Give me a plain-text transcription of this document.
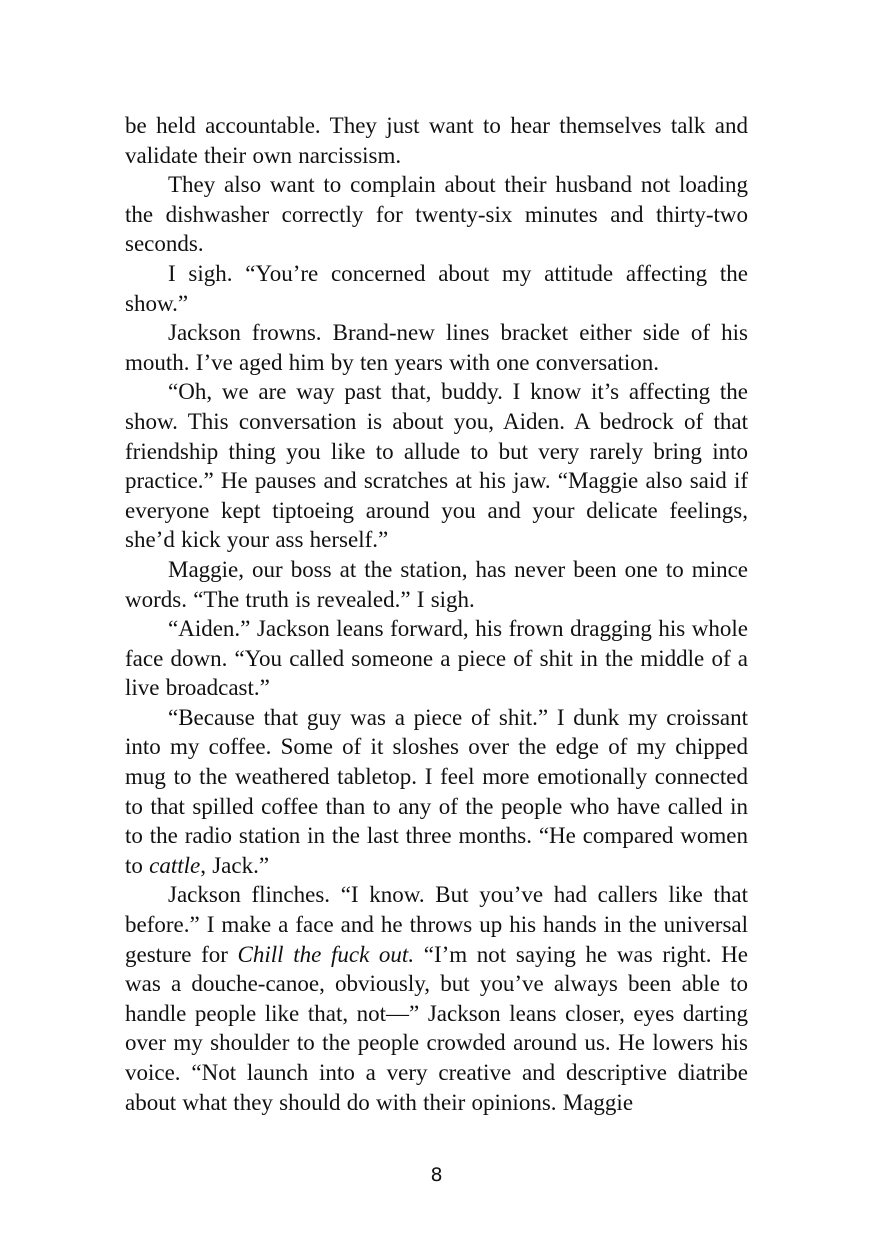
be held accountable. They just want to hear themselves talk and validate their own narcissism.

They also want to complain about their husband not loading the dishwasher correctly for twenty-six minutes and thirty-two seconds.

I sigh. “You’re concerned about my attitude affecting the show.”

Jackson frowns. Brand-new lines bracket either side of his mouth. I’ve aged him by ten years with one conversation.

“Oh, we are way past that, buddy. I know it’s affecting the show. This conversation is about you, Aiden. A bedrock of that friendship thing you like to allude to but very rarely bring into practice.” He pauses and scratches at his jaw. “Maggie also said if everyone kept tiptoeing around you and your delicate feelings, she’d kick your ass herself.”

Maggie, our boss at the station, has never been one to mince words. “The truth is revealed.” I sigh.

“Aiden.” Jackson leans forward, his frown dragging his whole face down. “You called someone a piece of shit in the middle of a live broadcast.”

“Because that guy was a piece of shit.” I dunk my croissant into my coffee. Some of it sloshes over the edge of my chipped mug to the weathered tabletop. I feel more emotionally connected to that spilled coffee than to any of the people who have called in to the radio station in the last three months. “He compared women to cattle, Jack.”

Jackson flinches. “I know. But you’ve had callers like that before.” I make a face and he throws up his hands in the universal gesture for Chill the fuck out. “I’m not saying he was right. He was a douche-canoe, obviously, but you’ve always been able to handle people like that, not—” Jackson leans closer, eyes darting over my shoulder to the people crowded around us. He lowers his voice. “Not launch into a very creative and descriptive diatribe about what they should do with their opinions. Maggie

8
